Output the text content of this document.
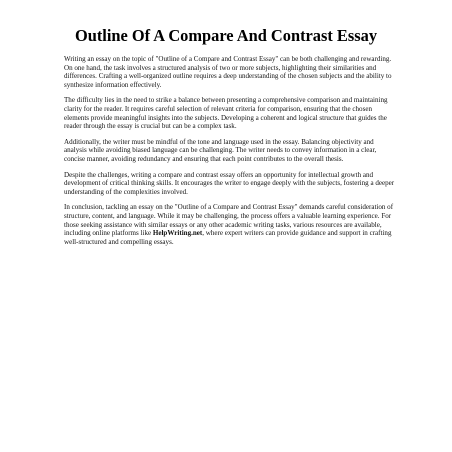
Outline Of A Compare And Contrast Essay

Writing an essay on the topic of "Outline of a Compare and Contrast Essay" can be both challenging and rewarding. On one hand, the task involves a structured analysis of two or more subjects, highlighting their similarities and differences. Crafting a well-organized outline requires a deep understanding of the chosen subjects and the ability to synthesize information effectively.

The difficulty lies in the need to strike a balance between presenting a comprehensive comparison and maintaining clarity for the reader. It requires careful selection of relevant criteria for comparison, ensuring that the chosen elements provide meaningful insights into the subjects. Developing a coherent and logical structure that guides the reader through the essay is crucial but can be a complex task.

Additionally, the writer must be mindful of the tone and language used in the essay. Balancing objectivity and analysis while avoiding biased language can be challenging. The writer needs to convey information in a clear, concise manner, avoiding redundancy and ensuring that each point contributes to the overall thesis.

Despite the challenges, writing a compare and contrast essay offers an opportunity for intellectual growth and development of critical thinking skills. It encourages the writer to engage deeply with the subjects, fostering a deeper understanding of the complexities involved.

In conclusion, tackling an essay on the "Outline of a Compare and Contrast Essay" demands careful consideration of structure, content, and language. While it may be challenging, the process offers a valuable learning experience. For those seeking assistance with similar essays or any other academic writing tasks, various resources are available, including online platforms like HelpWriting.net, where expert writers can provide guidance and support in crafting well-structured and compelling essays.
